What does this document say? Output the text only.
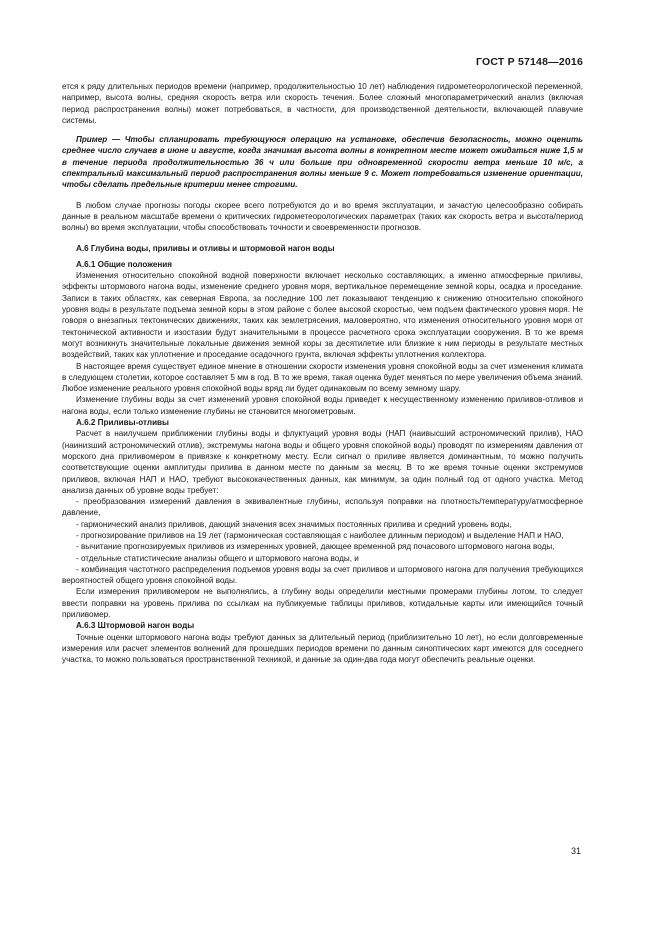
ГОСТ Р 57148—2016

ется к ряду длительных периодов времени (например, продолжительностью 10 лет) наблюдения гидрометеорологической переменной, например, высота волны, средняя скорость ветра или скорость течения. Более сложный многопараметрический анализ (включая период распространения волны) может потребоваться, в частности, для производственной деятельности, включающей плавучие системы.

Пример — Чтобы спланировать требующуюся операцию на установке, обеспечив безопасность, можно оценить среднее число случаев в июне и августе, когда значимая высота волны в конкретном месте может ожидаться ниже 1,5 м в течение периода продолжительностью 36 ч или больше при одновременной скорости ветра меньше 10 м/с, а спектральный максимальный период распространения волны меньше 9 с. Может потребоваться изменение ориентации, чтобы сделать предельные критерии менее строгими.

В любом случае прогнозы погоды скорее всего потребуются до и во время эксплуатации, и зачастую целесообразно собирать данные в реальном масштабе времени о критических гидрометеорологических параметрах (таких как скорость ветра и высота/период волны) во время эксплуатации, чтобы способствовать точности и своевременности прогнозов.

А.6 Глубина воды, приливы и отливы и штормовой нагон воды

А.6.1 Общие положения

Изменения относительно спокойной водной поверхности включает несколько составляющих, а именно атмосферные приливы, эффекты штормового нагона воды, изменение среднего уровня моря, вертикальное перемещение земной коры, осадка и проседание. Записи в таких областях, как северная Европа, за последние 100 лет показывают тенденцию к снижению относительно спокойного уровня воды в результате подъема земной коры в этом районе с более высокой скоростью, чем подъем фактического уровня моря. Не говоря о внезапных тектонических движениях, таких как землетрясения, маловероятно, что изменения относительного уровня моря от тектонической активности и изостазии будут значительными в процессе расчетного срока эксплуатации сооружения. В то же время могут возникнуть значительные локальные движения земной коры за десятилетие или близкие к ним периоды в результате местных воздействий, таких как уплотнение и проседание осадочного грунта, включая эффекты уплотнения коллектора.

В настоящее время существует единое мнение в отношении скорости изменения уровня спокойной воды за счет изменения климата в следующем столетии, которое составляет 5 мм в год. В то же время, такая оценка будет меняться по мере увеличения объема знаний. Любое изменение реального уровня спокойной воды вряд ли будет одинаковым по всему земному шару.

Изменение глубины воды за счет изменений уровня спокойной воды приведет к несущественному изменению приливов-отливов и нагона воды, если только изменение глубины не становится многометровым.

А.6.2 Приливы-отливы

Расчет в наилучшем приближении глубины воды и флуктуаций уровня воды (НАП (наивысший астрономический прилив), НАО (наинизший астрономический отлив), экстремумы нагона воды и общего уровня спокойной воды) проводят по измерениям давления от морского дна приливомером в привязке к конкретному месту. Если сигнал о приливе является доминантным, то можно получить соответствующие оценки амплитуды прилива в данном месте по данным за месяц. В то же время точные оценки экстремумов приливов, включая НАП и НАО, требуют высококачественных данных, как минимум, за один полный год от одного участка. Метод анализа данных об уровне воды требует:

- преобразования измерений давления в эквивалентные глубины, используя поправки на плотность/температуру/атмосферное давление,

- гармонический анализ приливов, дающий значения всех значимых постоянных прилива и средний уровень воды,

- прогнозирование приливов на 19 лет (гармоническая составляющая с наиболее длинным периодом) и выделение НАП и НАО,

- вычитание прогнозируемых приливов из измеренных уровней, дающее временной ряд почасового штормового нагона воды,

- отдельные статистические анализы общего и штормового нагона воды, и

- комбинация частотного распределения подъемов уровня воды за счет приливов и штормового нагона для получения требующихся вероятностей общего уровня спокойной воды.

Если измерения приливомером не выполнялись, а глубину воды определили местными промерами глубины лотом, то следует ввести поправки на уровень прилива по ссылкам на публикуемые таблицы приливов, котидальные карты или имеющийся точный приливомер.

А.6.3 Штормовой нагон воды

Точные оценки штормового нагона воды требуют данных за длительный период (приблизительно 10 лет), но если долговременные измерения или расчет элементов волнений для прошедших периодов времени по данным синоптических карт имеются для соседнего участка, то можно пользоваться пространственной техникой, и данные за один-два года могут обеспечить реальные оценки.

31
